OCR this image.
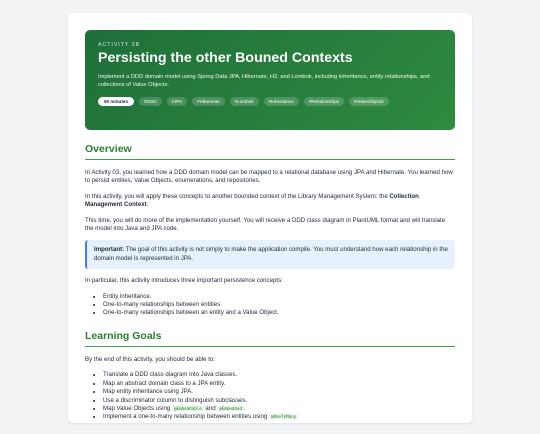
ACTIVITY 3B
Persisting the other Bouned Contexts
Implement a DDD domain model using Spring Data JPA, Hibernate, H2, and Lombok, including inheritance, entity relationships, and collections of Value Objects.
90 minutes	#DDD	#JPA	#Hibernate	#Lombok	#Inheritance	#Relationships	#ValueObjects
Overview

In Activity 03, you learned how a DDD domain model can be mapped to a relational database using JPA and Hibernate. You learned how to persist entities, Value Objects, enumerations, and repositories.

In this activity, you will apply these concepts to another bounded context of the Library Management System: the Collection Management Context.

This time, you will do more of the implementation yourself. You will receive a DDD class diagram in PlantUML format and will translate the model into Java and JPA code.

Important: The goal of this activity is not simply to make the application compile. You must understand how each relationship in the domain model is represented in JPA.

In particular, this activity introduces three important persistence concepts:

• Entity inheritance.
• One-to-many relationships between entities.
• One-to-many relationships between an entity and a Value Object.
Learning Goals

By the end of this activity, you should be able to:

• Translate a DDD class diagram into Java classes.
• Map an abstract domain class to a JPA entity.
• Map entity inheritance using JPA.
• Use a discriminator column to distinguish subclasses.
• Map Value Objects using @Embeddable and @Embedded .
• Implement a one-to-many relationship between entities using @OneToMany
